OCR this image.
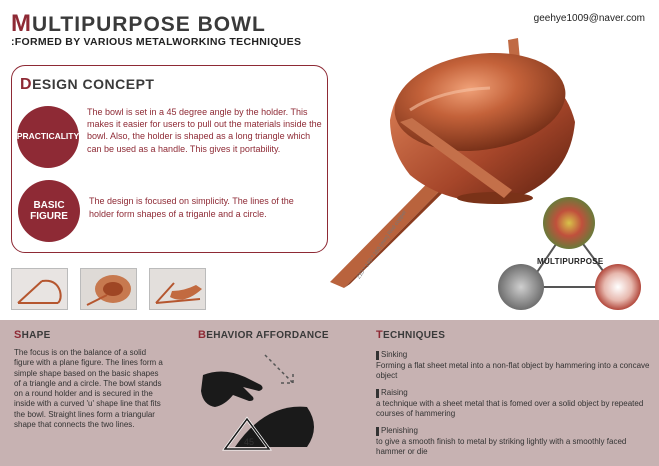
MULTIPURPOSE BOWL
:FORMED BY VARIOUS METALWORKING TECHNIQUES
geehye1009@naver.com
DESIGN CONCEPT
PRACTICALITY
The bowl is set in a 45 degree angle by the holder. This makes it easier for users to pull out the materials inside the bowl. Also, the holder is shaped as a long triangle which can be used as a handle. This gives it portability.
BASIC
FIGURE
The design is focused on simplicity. The lines of the holder form shapes of a triganle and a circle.	210 * 140 * 160 (mm) Red copper	MULTIPURPOSE
SHAPE
The focus is on the balance of a solid figure with a plane figure. The lines form a simple shape based on the basic shapes of a triangle and a circle. The bowl stands on a round holder and is secured in the inside with a curved 'u' shape line that fits the bowl. Straight lines form a triangular shape that connects the two lines.
BEHAVIOR AFFORDANCE
45
TECHNIQUES
Sinking
Forming a flat sheet metal into a non-flat object by hammering into a concave object
Raising
a technique with a sheet metal that is fomed over a solid object by repeated courses of hammering
Plenishing
to give a smooth finish to metal by striking lightly with a smoothly faced hammer or die
